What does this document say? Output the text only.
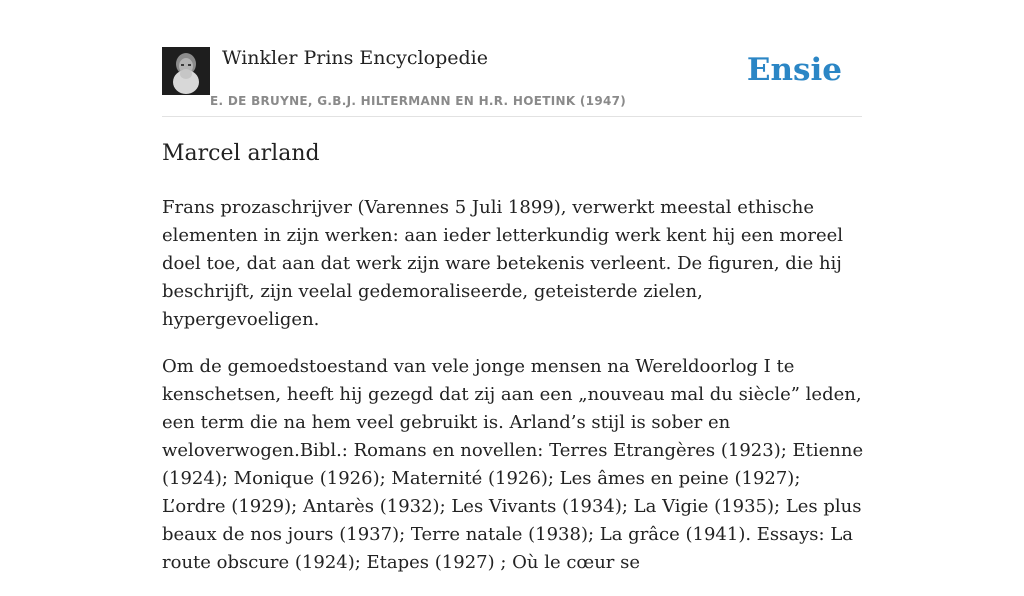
Winkler Prins Encyclopedie
E. DE BRUYNE, G.B.J. HILTERMANN EN H.R. HOETINK (1947)
Ensie
Marcel arland

Frans prozaschrijver (Varennes 5 Juli 1899), verwerkt meestal ethische elementen in zijn werken: aan ieder letterkundig werk kent hij een moreel doel toe, dat aan dat werk zijn ware betekenis verleent. De figuren, die hij beschrijft, zijn veelal gedemoraliseerde, geteisterde zielen, hypergevoeligen.

Om de gemoedstoestand van vele jonge mensen na Wereldoorlog I te kenschetsen, heeft hij gezegd dat zij aan een „nouveau mal du siècle” leden, een term die na hem veel gebruikt is. Arland’s stijl is sober en weloverwogen.Bibl.: Romans en novellen: Terres Etrangères (1923); Etienne (1924); Monique (1926); Maternité (1926); Les âmes en peine (1927); L’ordre (1929); Antarès (1932); Les Vivants (1934); La Vigie (1935); Les plus beaux de nos jours (1937); Terre natale (1938); La grâce (1941). Essays: La route obscure (1924); Etapes (1927) ; Où le cœur se
